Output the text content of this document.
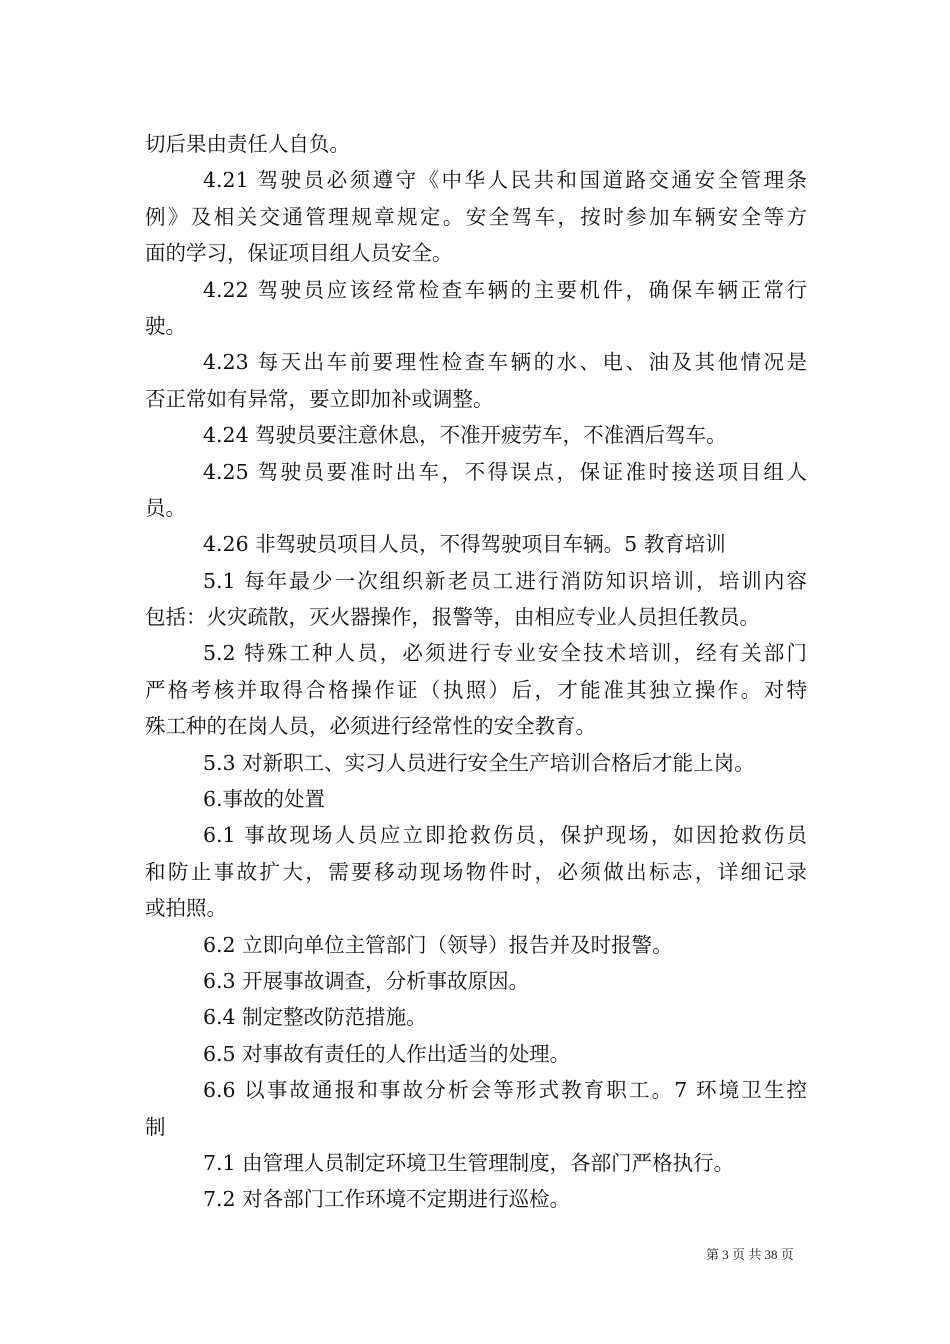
切后果由责任人自负。
4.21 驾驶员必须遵守《中华人民共和国道路交通安全管理条
例》及相关交通管理规章规定。安全驾车，按时参加车辆安全等方
面的学习，保证项目组人员安全。
4.22 驾驶员应该经常检查车辆的主要机件，确保车辆正常行
驶。
4.23 每天出车前要理性检查车辆的水、电、油及其他情况是
否正常如有异常，要立即加补或调整。
4.24 驾驶员要注意休息，不准开疲劳车，不准酒后驾车。
4.25 驾驶员要准时出车，不得误点，保证准时接送项目组人
员。
4.26 非驾驶员项目人员，不得驾驶项目车辆。5 教育培训
5.1 每年最少一次组织新老员工进行消防知识培训，培训内容
包括：火灾疏散，灭火器操作，报警等，由相应专业人员担任教员。
5.2 特殊工种人员，必须进行专业安全技术培训，经有关部门
严格考核并取得合格操作证（执照）后，才能准其独立操作。对特
殊工种的在岗人员，必须进行经常性的安全教育。
5.3 对新职工、实习人员进行安全生产培训合格后才能上岗。
6.事故的处置
6.1 事故现场人员应立即抢救伤员，保护现场，如因抢救伤员
和防止事故扩大，需要移动现场物件时，必须做出标志，详细记录
或拍照。
6.2 立即向单位主管部门（领导）报告并及时报警。
6.3 开展事故调查，分析事故原因。
6.4 制定整改防范措施。
6.5 对事故有责任的人作出适当的处理。
6.6 以事故通报和事故分析会等形式教育职工。7 环境卫生控
制
7.1 由管理人员制定环境卫生管理制度，各部门严格执行。
7.2 对各部门工作环境不定期进行巡检。
第 3 页 共 38 页
